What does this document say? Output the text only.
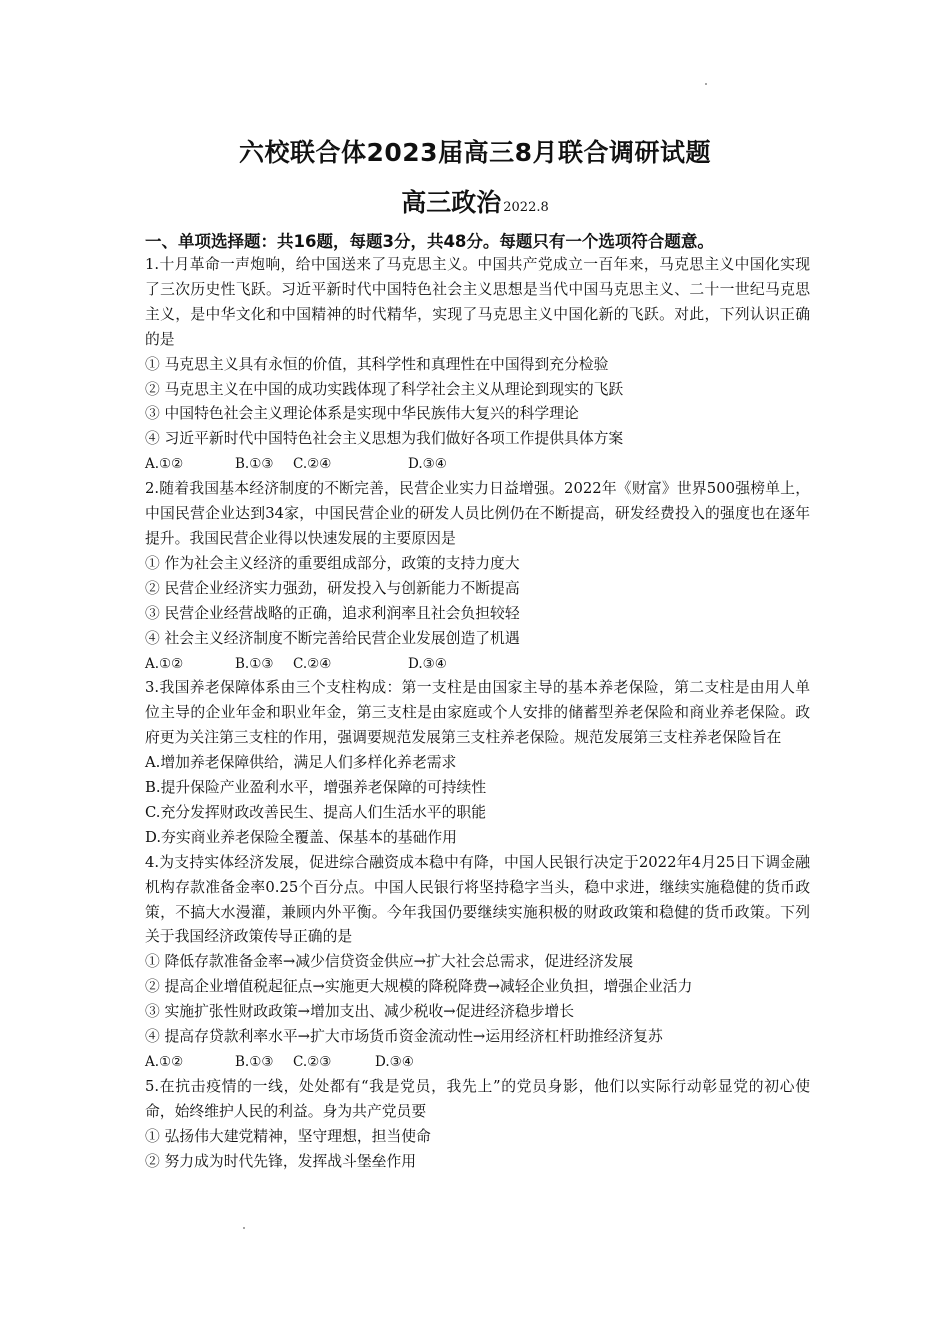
六校联合体2023届高三8月联合调研试题
高三政治 2022.8
一、单项选择题：共16题，每题3分，共48分。每题只有一个选项符合题意。

1.十月革命一声炮响，给中国送来了马克思主义。中国共产党成立一百年来，马克思主义中国化实现了三次历史性飞跃。习近平新时代中国特色社会主义思想是当代中国马克思主义、二十一世纪马克思主义，是中华文化和中国精神的时代精华，实现了马克思主义中国化新的飞跃。对此，下列认识正确的是

① 马克思主义具有永恒的价值，其科学性和真理性在中国得到充分检验

② 马克思主义在中国的成功实践体现了科学社会主义从理论到现实的飞跃

③ 中国特色社会主义理论体系是实现中华民族伟大复兴的科学理论

④ 习近平新时代中国特色社会主义思想为我们做好各项工作提供具体方案

A.①②	B.①③ C.②④	D.③④

2.随着我国基本经济制度的不断完善，民营企业实力日益增强。2022年《财富》世界500强榜单上，中国民营企业达到34家，中国民营企业的研发人员比例仍在不断提高，研发经费投入的强度也在逐年提升。我国民营企业得以快速发展的主要原因是

① 作为社会主义经济的重要组成部分，政策的支持力度大

② 民营企业经济实力强劲，研发投入与创新能力不断提高

③ 民营企业经营战略的正确，追求利润率且社会负担较轻

④ 社会主义经济制度不断完善给民营企业发展创造了机遇

A.①②	B.①③ C.②④	D.③④

3.我国养老保障体系由三个支柱构成：第一支柱是由国家主导的基本养老保险，第二支柱是由用人单位主导的企业年金和职业年金，第三支柱是由家庭或个人安排的储蓄型养老保险和商业养老保险。政府更为关注第三支柱的作用，强调要规范发展第三支柱养老保险。规范发展第三支柱养老保险旨在

A.增加养老保障供给，满足人们多样化养老需求

B.提升保险产业盈利水平，增强养老保障的可持续性

C.充分发挥财政改善民生、提高人们生活水平的职能

D.夯实商业养老保险全覆盖、保基本的基础作用

4.为支持实体经济发展，促进综合融资成本稳中有降，中国人民银行决定于2022年4月25日下调金融机构存款准备金率0.25个百分点。中国人民银行将坚持稳字当头，稳中求进，继续实施稳健的货币政策，不搞大水漫灌，兼顾内外平衡。今年我国仍要继续实施积极的财政政策和稳健的货币政策。下列关于我国经济政策传导正确的是

① 降低存款准备金率→减少信贷资金供应→扩大社会总需求，促进经济发展

② 提高企业增值税起征点→实施更大规模的降税降费→减轻企业负担，增强企业活力

③ 实施扩张性财政政策→增加支出、减少税收→促进经济稳步增长

④ 提高存贷款利率水平→扩大市场货币资金流动性→运用经济杠杆助推经济复苏

A.①②	B.①③ C.②③	D.③④

5.在抗击疫情的一线，处处都有“我是党员，我先上”的党员身影，他们以实际行动彰显党的初心使命，始终维护人民的利益。身为共产党员要

① 弘扬伟大建党精神，坚守理想，担当使命

② 努力成为时代先锋，发挥战斗堡垒作用
